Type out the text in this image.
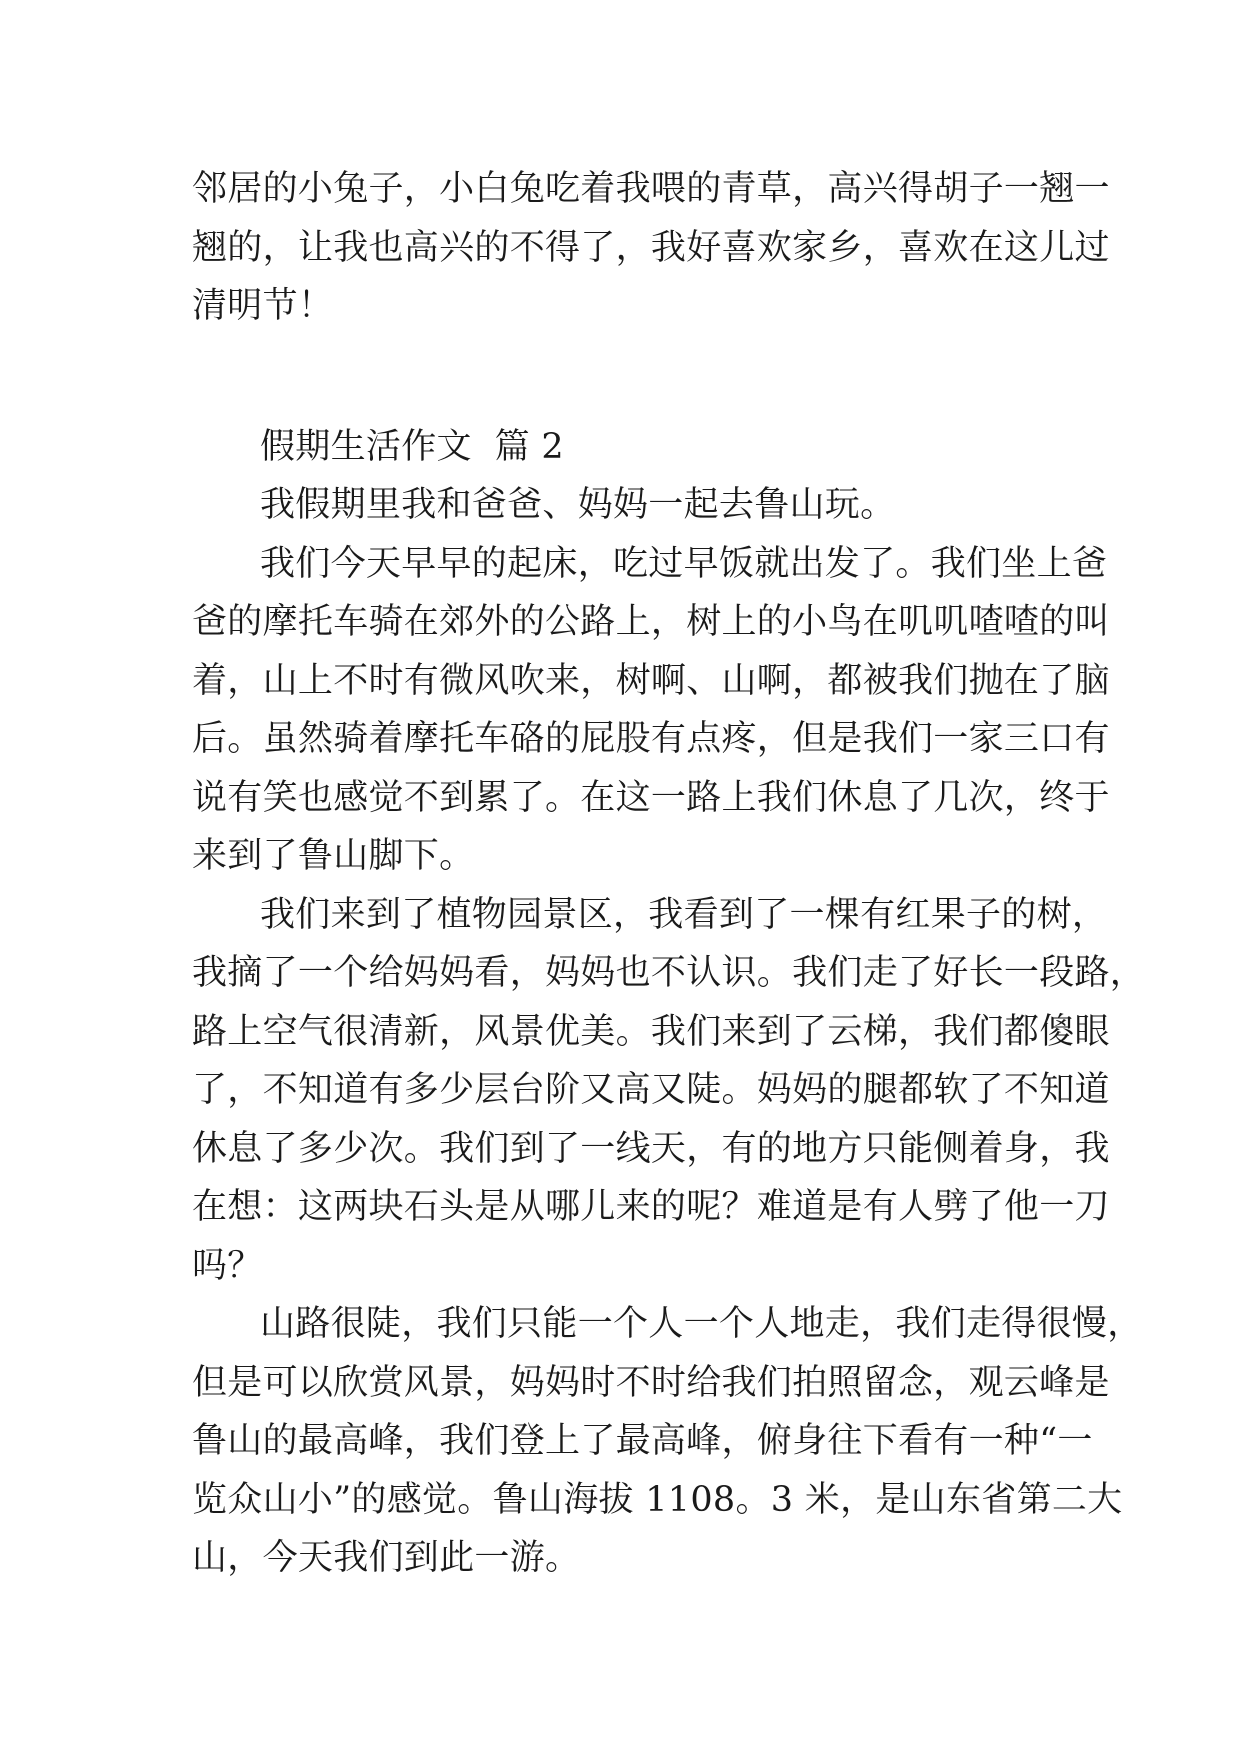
邻居的小兔子，小白兔吃着我喂的青草，高兴得胡子一翘一
翘的，让我也高兴的不得了，我好喜欢家乡，喜欢在这儿过
清明节！
假期生活作文  篇 2
我假期里我和爸爸、妈妈一起去鲁山玩。
我们今天早早的起床，吃过早饭就出发了。我们坐上爸
爸的摩托车骑在郊外的公路上，树上的小鸟在叽叽喳喳的叫
着，山上不时有微风吹来，树啊、山啊，都被我们抛在了脑
后。虽然骑着摩托车硌的屁股有点疼，但是我们一家三口有
说有笑也感觉不到累了。在这一路上我们休息了几次，终于
来到了鲁山脚下。
我们来到了植物园景区，我看到了一棵有红果子的树，
我摘了一个给妈妈看，妈妈也不认识。我们走了好长一段路，
路上空气很清新，风景优美。我们来到了云梯，我们都傻眼
了，不知道有多少层台阶又高又陡。妈妈的腿都软了不知道
休息了多少次。我们到了一线天，有的地方只能侧着身，我
在想：这两块石头是从哪儿来的呢？难道是有人劈了他一刀
吗？
山路很陡，我们只能一个人一个人地走，我们走得很慢，
但是可以欣赏风景，妈妈时不时给我们拍照留念，观云峰是
鲁山的最高峰，我们登上了最高峰，俯身往下看有一种“一
览众山小”的感觉。鲁山海拔 1108。3 米，是山东省第二大
山，今天我们到此一游。
